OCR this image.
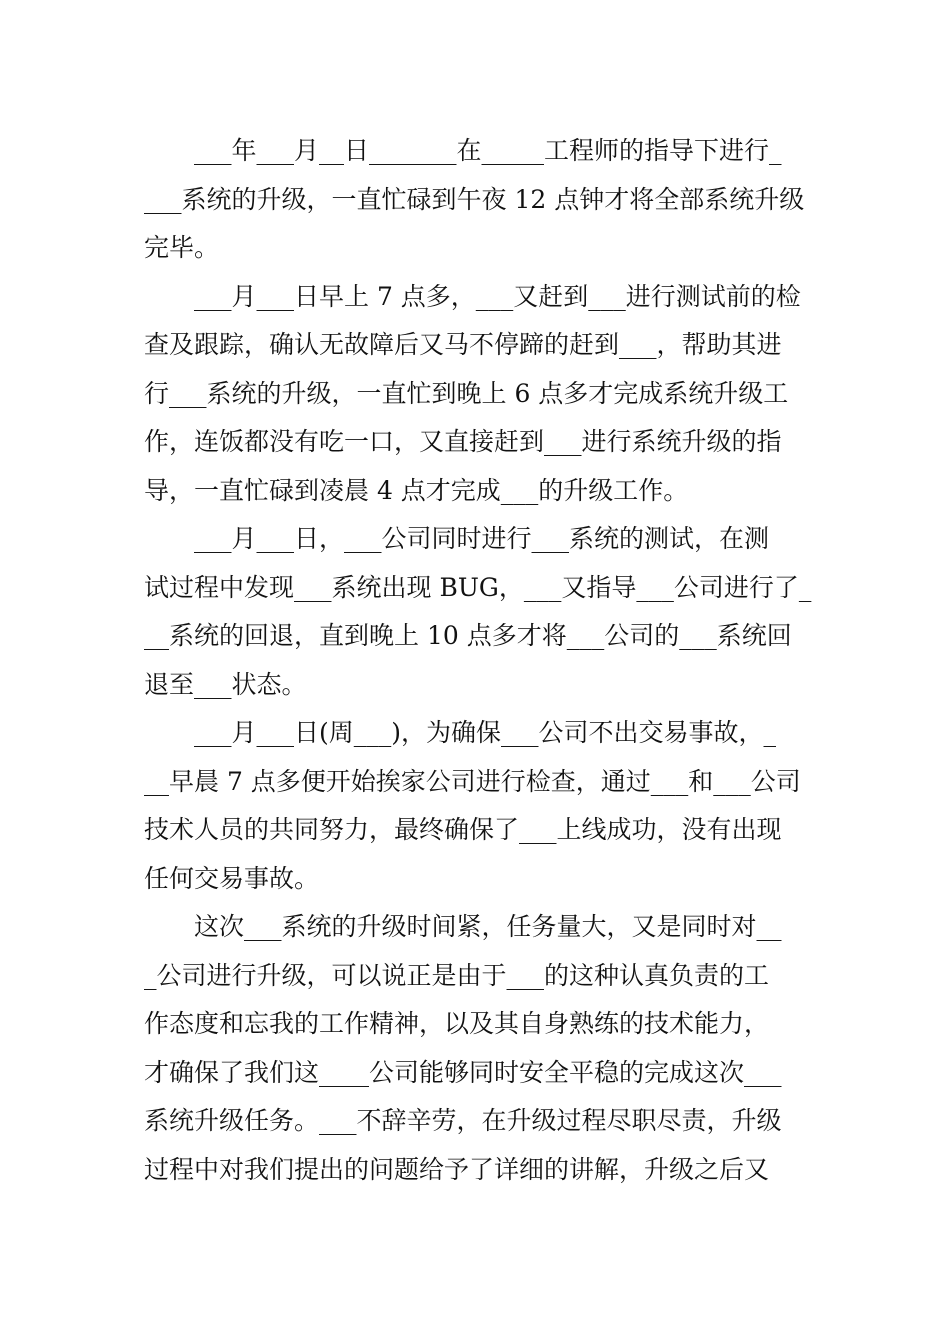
　　___年___月__日_______在_____工程师的指导下进行_
___系统的升级，一直忙碌到午夜 12 点钟才将全部系统升级
完毕。
　　___月___日早上 7 点多，___又赶到___进行测试前的检
查及跟踪，确认无故障后又马不停蹄的赶到___，帮助其进
行___系统的升级，一直忙到晚上 6 点多才完成系统升级工
作，连饭都没有吃一口，又直接赶到___进行系统升级的指
导，一直忙碌到凌晨 4 点才完成___的升级工作。
　　___月___日，___公司同时进行___系统的测试，在测
试过程中发现___系统出现 BUG，___又指导___公司进行了_
__系统的回退，直到晚上 10 点多才将___公司的___系统回
退至___状态。
　　___月___日(周___)，为确保___公司不出交易事故，_
__早晨 7 点多便开始挨家公司进行检查，通过___和___公司
技术人员的共同努力，最终确保了___上线成功，没有出现
任何交易事故。
　　这次___系统的升级时间紧，任务量大，又是同时对__
_公司进行升级，可以说正是由于___的这种认真负责的工
作态度和忘我的工作精神，以及其自身熟练的技术能力，
才确保了我们这____公司能够同时安全平稳的完成这次___
系统升级任务。___不辞辛劳，在升级过程尽职尽责，升级
过程中对我们提出的问题给予了详细的讲解，升级之后又
